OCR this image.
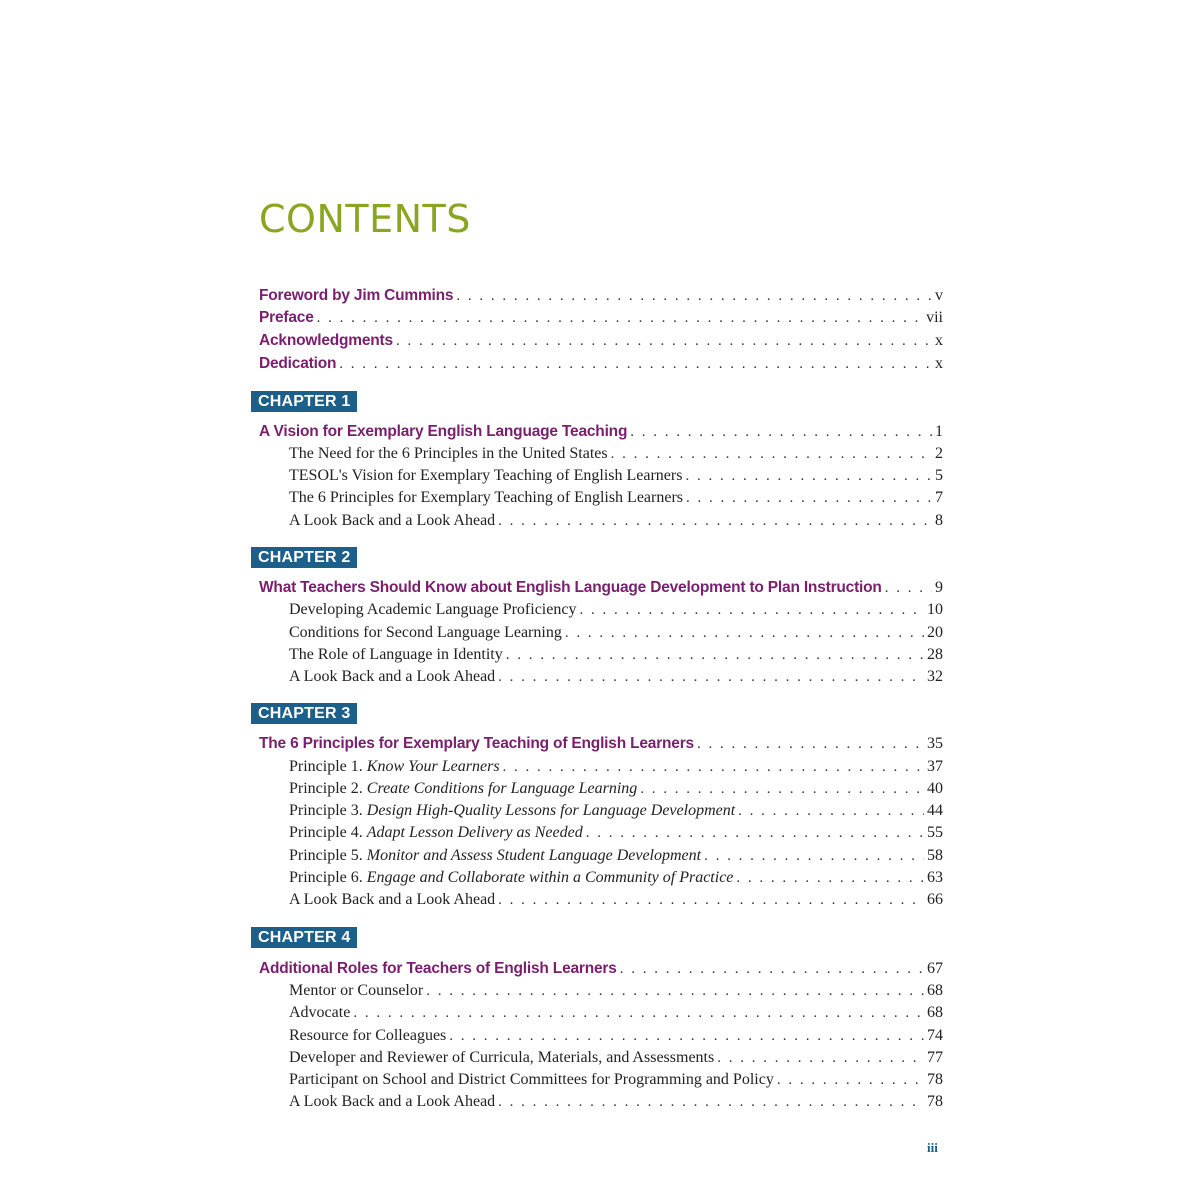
CONTENTS
Foreword by Jim Cummins . . .	v
Preface . . .	vii
Acknowledgments . . .	x
Dedication . . .	x
CHAPTER 1
A Vision for Exemplary English Language Teaching . . .	1
The Need for the 6 Principles in the United States . . .	2
TESOL's Vision for Exemplary Teaching of English Learners . . .	5
The 6 Principles for Exemplary Teaching of English Learners . . .	7
A Look Back and a Look Ahead . . .	8
CHAPTER 2
What Teachers Should Know about English Language Development to Plan Instruction . . .	9
Developing Academic Language Proficiency . . .	10
Conditions for Second Language Learning . . .	20
The Role of Language in Identity . . .	28
A Look Back and a Look Ahead . . .	32
CHAPTER 3
The 6 Principles for Exemplary Teaching of English Learners . . .	35
Principle 1. Know Your Learners . . .	37
Principle 2. Create Conditions for Language Learning . . .	40
Principle 3. Design High-Quality Lessons for Language Development . . .	44
Principle 4. Adapt Lesson Delivery as Needed . . .	55
Principle 5. Monitor and Assess Student Language Development . . .	58
Principle 6. Engage and Collaborate within a Community of Practice . . .	63
A Look Back and a Look Ahead . . .	66
CHAPTER 4
Additional Roles for Teachers of English Learners . . .	67
Mentor or Counselor . . .	68
Advocate . . .	68
Resource for Colleagues . . .	74
Developer and Reviewer of Curricula, Materials, and Assessments . . .	77
Participant on School and District Committees for Programming and Policy . . .	78
A Look Back and a Look Ahead . . .	78
iii
